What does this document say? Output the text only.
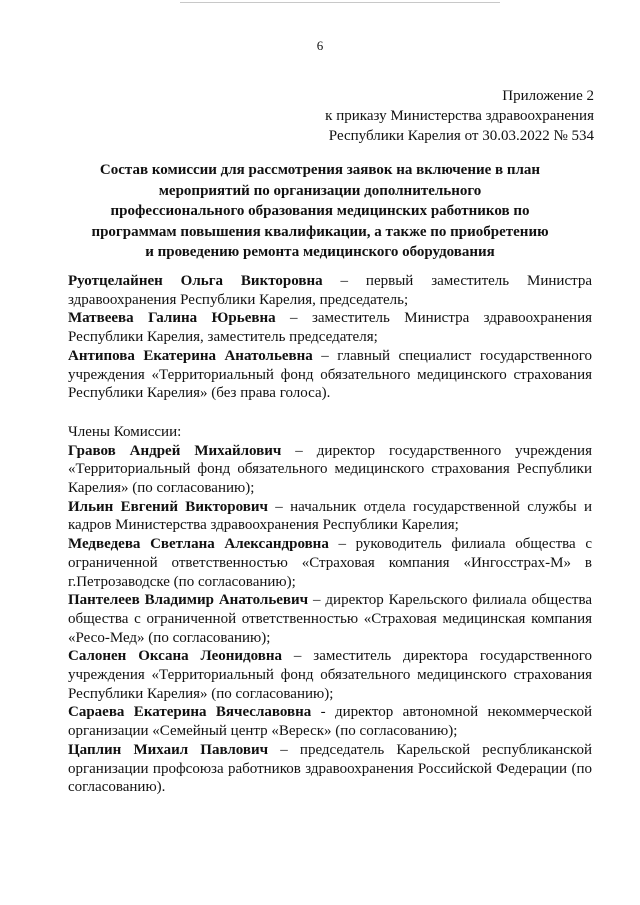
6
Приложение 2
к приказу Министерства здравоохранения
Республики Карелия от 30.03.2022 № 534
Состав комиссии для рассмотрения заявок на включение в план мероприятий по организации дополнительного профессионального образования медицинских работников по программам повышения квалификации, а также по приобретению и проведению ремонта медицинского оборудования

Руотцелайнен Ольга Викторовна – первый заместитель Министра здравоохранения Республики Карелия, председатель;

Матвеева Галина Юрьевна – заместитель Министра здравоохранения Республики Карелия, заместитель председателя;

Антипова Екатерина Анатольевна – главный специалист государственного учреждения «Территориальный фонд обязательного медицинского страхования Республики Карелия» (без права голоса).

Члены Комиссии:

Гравов Андрей Михайлович – директор государственного учреждения «Территориальный фонд обязательного медицинского страхования Республики Карелия» (по согласованию);

Ильин Евгений Викторович – начальник отдела государственной службы и кадров Министерства здравоохранения Республики Карелия;

Медведева Светлана Александровна – руководитель филиала общества с ограниченной ответственностью «Страховая компания «Ингосстрах-М» в г.Петрозаводске (по согласованию);

Пантелеев Владимир Анатольевич – директор Карельского филиала общества общества с ограниченной ответственностью «Страховая медицинская компания «Ресо-Мед» (по согласованию);

Салонен Оксана Леонидовна – заместитель директора государственного учреждения «Территориальный фонд обязательного медицинского страхования Республики Карелия» (по согласованию);

Сараева Екатерина Вячеславовна - директор автономной некоммерческой организации «Семейный центр «Вереск» (по согласованию);

Цаплин Михаил Павлович – председатель Карельской республиканской организации профсоюза работников здравоохранения Российской Федерации (по согласованию).
